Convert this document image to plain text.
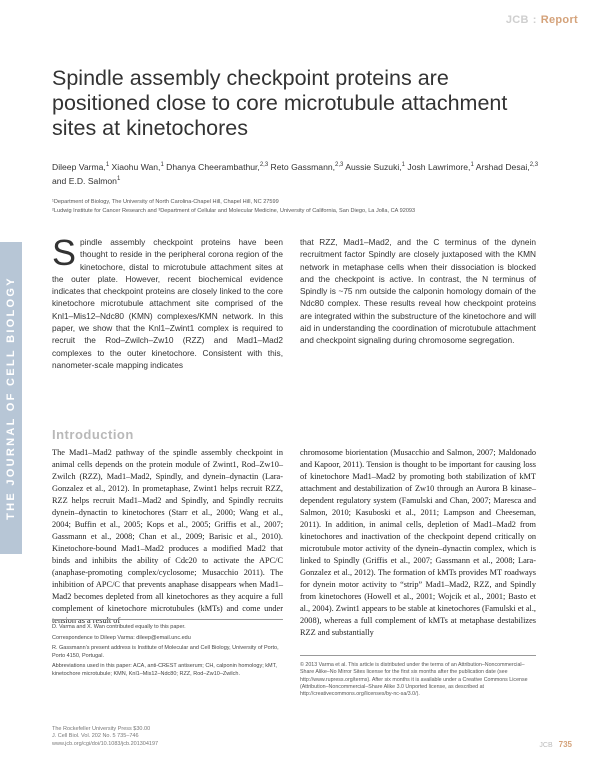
JCB : Report
THE JOURNAL OF CELL BIOLOGY
Spindle assembly checkpoint proteins are positioned close to core microtubule attachment sites at kinetochores
Dileep Varma,$^1$ Xiaohu Wan,$^1$ Dhanya Cheerambathur,$^{2,3}$ Reto Gassmann,$^{2,3}$ Aussie Suzuki,$^1$ Josh Lawrimore,$^1$ Arshad Desai,$^{2,3}$ and E.D. Salmon$^1$
¹Department of Biology, The University of North Carolina-Chapel Hill, Chapel Hill, NC 27599
²Ludwig Institute for Cancer Research and ³Department of Cellular and Molecular Medicine, University of California, San Diego, La Jolla, CA 92093
Spindle assembly checkpoint proteins have been thought to reside in the peripheral corona region of the kinetochore, distal to microtubule attachment sites at the outer plate. However, recent biochemical evidence indicates that checkpoint proteins are closely linked to the core kinetochore microtubule attachment site comprised of the Knl1–Mis12–Ndc80 (KMN) complexes/KMN network. In this paper, we show that the Knl1–Zwint1 complex is required to recruit the Rod–Zwilch–Zw10 (RZZ) and Mad1–Mad2 complexes to the outer kinetochore. Consistent with this, nanometer-scale mapping indicates
that RZZ, Mad1–Mad2, and the C terminus of the dynein recruitment factor Spindly are closely juxtaposed with the KMN network in metaphase cells when their dissociation is blocked and the checkpoint is active. In contrast, the N terminus of Spindly is ~75 nm outside the calponin homology domain of the Ndc80 complex. These results reveal how checkpoint proteins are integrated within the substructure of the kinetochore and will aid in understanding the coordination of microtubule attachment and checkpoint signaling during chromosome segregation.
Introduction
The Mad1–Mad2 pathway of the spindle assembly checkpoint in animal cells depends on the protein module of Zwint1, Rod–Zw10–Zwilch (RZZ), Mad1–Mad2, Spindly, and dynein–dynactin (Lara-Gonzalez et al., 2012). In prometaphase, Zwint1 helps recruit RZZ, RZZ helps recruit Mad1–Mad2 and Spindly, and Spindly recruits dynein–dynactin to kinetochores (Starr et al., 2000; Wang et al., 2004; Buffin et al., 2005; Kops et al., 2005; Griffis et al., 2007; Gassmann et al., 2008; Chan et al., 2009; Barisic et al., 2010). Kinetochore-bound Mad1–Mad2 produces a modified Mad2 that binds and inhibits the ability of Cdc20 to activate the APC/C (anaphase-promoting complex/cyclosome; Musacchio 2011). The inhibition of APC/C that prevents anaphase disappears when Mad1–Mad2 becomes depleted from all kinetochores as they acquire a full complement of kinetochore microtubules (kMTs) and come under tension as a result of
chromosome biorientation (Musacchio and Salmon, 2007; Maldonado and Kapoor, 2011). Tension is thought to be important for causing loss of kinetochore Mad1–Mad2 by promoting both stabilization of kMT attachment and destabilization of Zw10 through an Aurora B kinase–dependent regulatory system (Famulski and Chan, 2007; Maresca and Salmon, 2010; Kasuboski et al., 2011; Lampson and Cheeseman, 2011). In addition, in animal cells, depletion of Mad1–Mad2 from kinetochores and inactivation of the checkpoint depend critically on microtubule motor activity of the dynein–dynactin complex, which is linked to Spindly (Griffis et al., 2007; Gassmann et al., 2008; Lara-Gonzalez et al., 2012). The formation of kMTs provides MT roadways for dynein motor activity to “strip” Mad1–Mad2, RZZ, and Spindly from kinetochores (Howell et al., 2001; Wojcik et al., 2001; Basto et al., 2004). Zwint1 appears to be stable at kinetochores (Famulski et al., 2008), whereas a full complement of kMTs at metaphase destabilizes RZZ and substantially

D. Varma and X. Wan contributed equally to this paper.

Correspondence to Dileep Varma: dileep@email.unc.edu

R. Gassmann’s present address is Institute of Molecular and Cell Biology, University of Porto, Porto 4150, Portugal.

Abbreviations used in this paper: ACA, anti-CREST antiserum; CH, calponin homology; kMT, kinetochore microtubule; KMN, Knl1–Mis12–Ndc80; RZZ, Rod–Zw10–Zwilch.

© 2013 Varma et al. This article is distributed under the terms of an Attribution–Noncommercial–Share Alike–No Mirror Sites license for the first six months after the publication date (see http://www.rupress.org/terms). After six months it is available under a Creative Commons License (Attribution–Noncommercial–Share Alike 3.0 Unported license, as described at http://creativecommons.org/licenses/by-nc-sa/3.0/).
The Rockefeller University Press $30.00
J. Cell Biol. Vol. 202 No. 5 735–746
www.jcb.org/cgi/doi/10.1083/jcb.201304197	JCB 735
